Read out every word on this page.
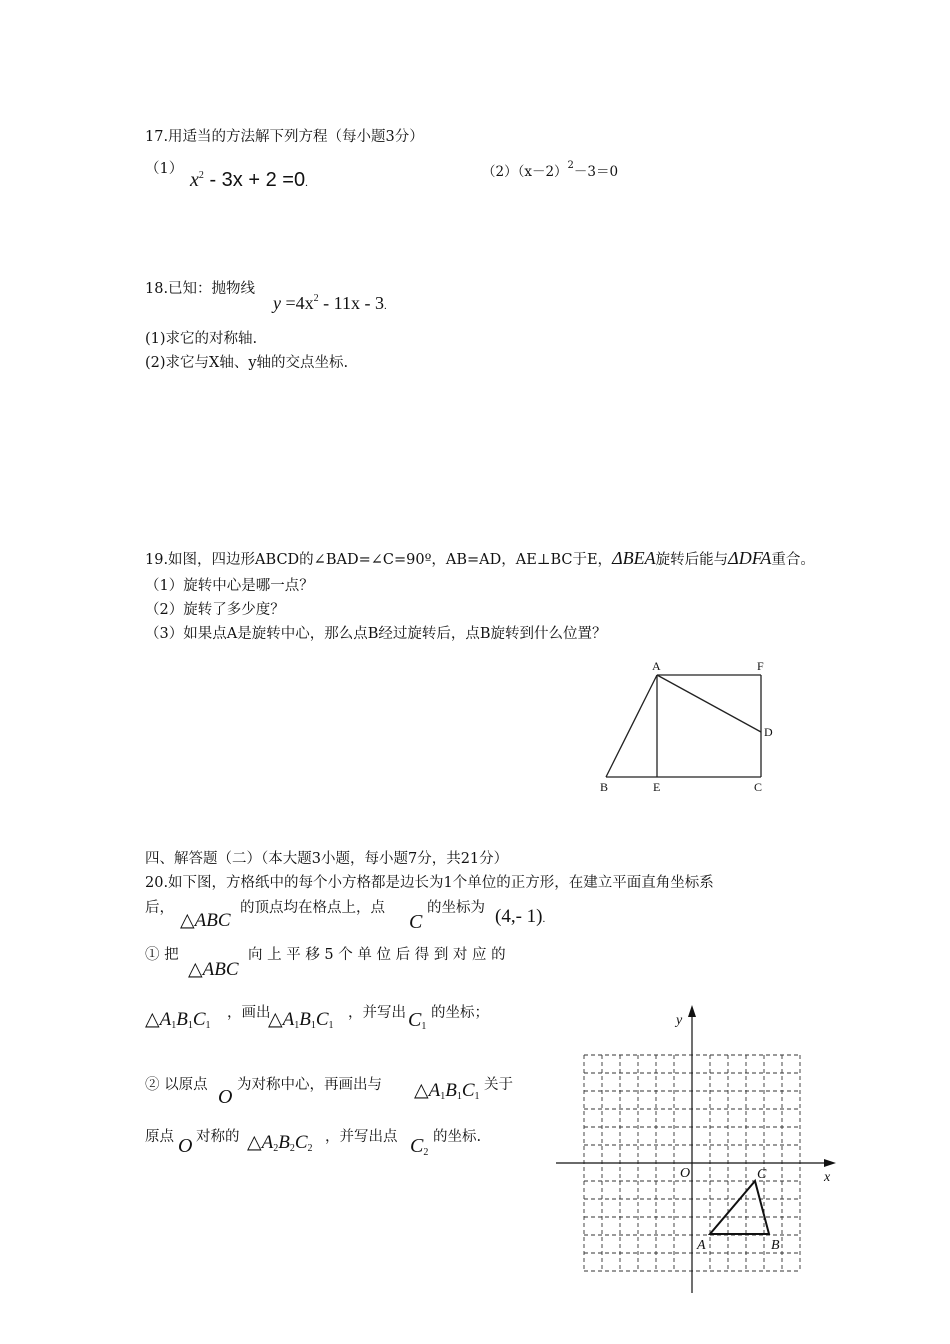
17.用适当的方法解下列方程（每小题3分）
（1） $x^2 - 3x + 2 =0$.
$(2)(x-2)^2-3=0$
18.已知：抛物线
$y =4x^2 - 11x - 3$.
(1)求它的对称轴.
(2)求它与X轴、y轴的交点坐标.
19.如图，四边形ABCD的∠BAD=∠C=90º，AB=AD，AE⊥BC于E，ΔBEA旋转后能与ΔDFA重合。
（1）旋转中心是哪一点？
（2）旋转了多少度？
（3）如果点A是旋转中心，那么点B经过旋转后，点B旋转到什么位置？
A	F
D
B	E	C
四、解答题（二）（本大题3小题，每小题7分，共21分）
20.如下图，方格纸中的每个小方格都是边长为1个单位的正方形，在建立平面直角坐标系
后，
△ABC
的顶点均在格点上，点
C
的坐标为 (4,- 1).
① 把
△ABC
向 上 平 移 5 个 单 位 后 得 到 对 应 的
$\triangle A_1B_1C_1$
，画出
$\triangle A_1B_1C_1$
，并写出 $C_1$
的坐标；
② 以原点
O
为对称中心，再画出与 $\triangle A_1B_1C_1$
关于
原点 O 对称的 $\triangle A_2B_2C_2$
，并写出点 $C_2$
的坐标.
y
x
O	C
A	B
